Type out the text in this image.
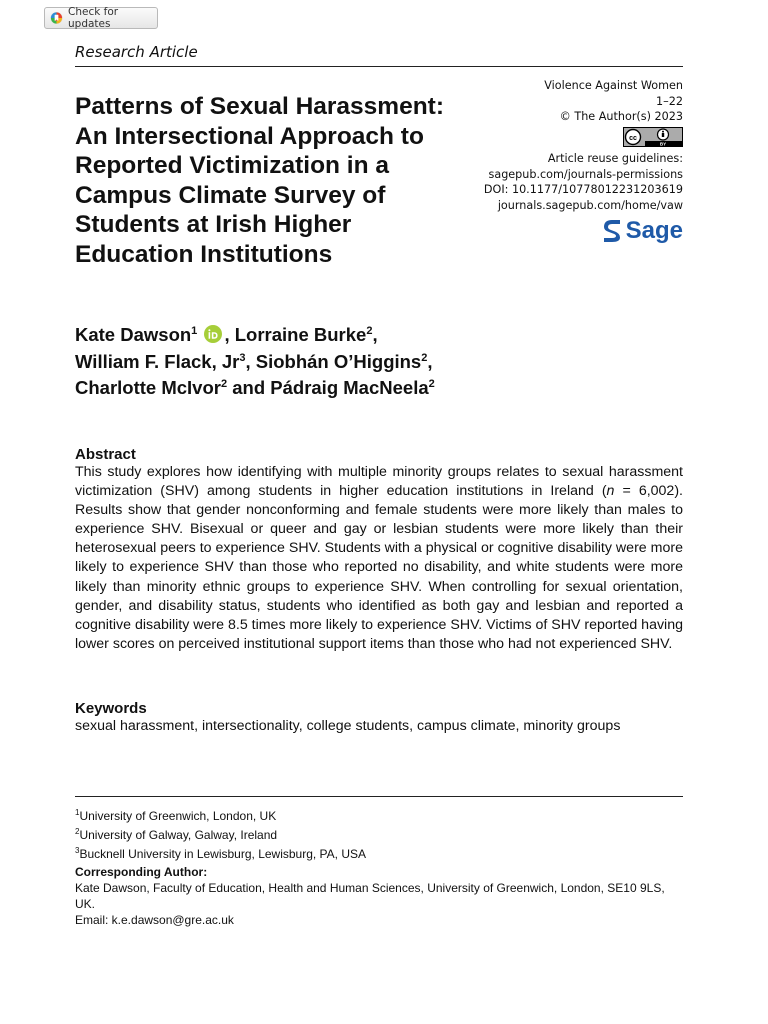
Check for updates
Research Article
Violence Against Women
1–22
© The Author(s) 2023
cc
BY
Article reuse guidelines:
sagepub.com/journals-permissions
DOI: 10.1177/10778012231203619
journals.sagepub.com/home/vaw
Sage
Patterns of Sexual Harassment:
An Intersectional Approach to
Reported Victimization in a
Campus Climate Survey of
Students at Irish Higher
Education Institutions
Kate Dawson$^1$ , Lorraine Burke$^2$,
William F. Flack, Jr$^3$, Siobhán O’Higgins$^2$,
Charlotte McIvor$^2$ and Pádraig MacNeela$^2$
Abstract
This study explores how identifying with multiple minority groups relates to sexual harassment victimization (SHV) among students in higher education institutions in Ireland (n = 6,002). Results show that gender nonconforming and female students were more likely than males to experience SHV. Bisexual or queer and gay or lesbian students were more likely than their heterosexual peers to experience SHV. Students with a physical or cognitive disability were more likely to experience SHV than those who reported no disability, and white students were more likely than minority ethnic groups to experience SHV. When controlling for sexual orientation, gender, and disability status, students who identified as both gay and lesbian and reported a cognitive disability were 8.5 times more likely to experience SHV. Victims of SHV reported having lower scores on perceived institutional support items than those who had not experienced SHV.
Keywords
sexual harassment, intersectionality, college students, campus climate, minority groups
$^1$University of Greenwich, London, UK
$^2$University of Galway, Galway, Ireland
$^3$Bucknell University in Lewisburg, Lewisburg, PA, USA
Corresponding Author:
Kate Dawson, Faculty of Education, Health and Human Sciences, University of Greenwich, London, SE10 9LS, UK.
Email: k.e.dawson@gre.ac.uk
